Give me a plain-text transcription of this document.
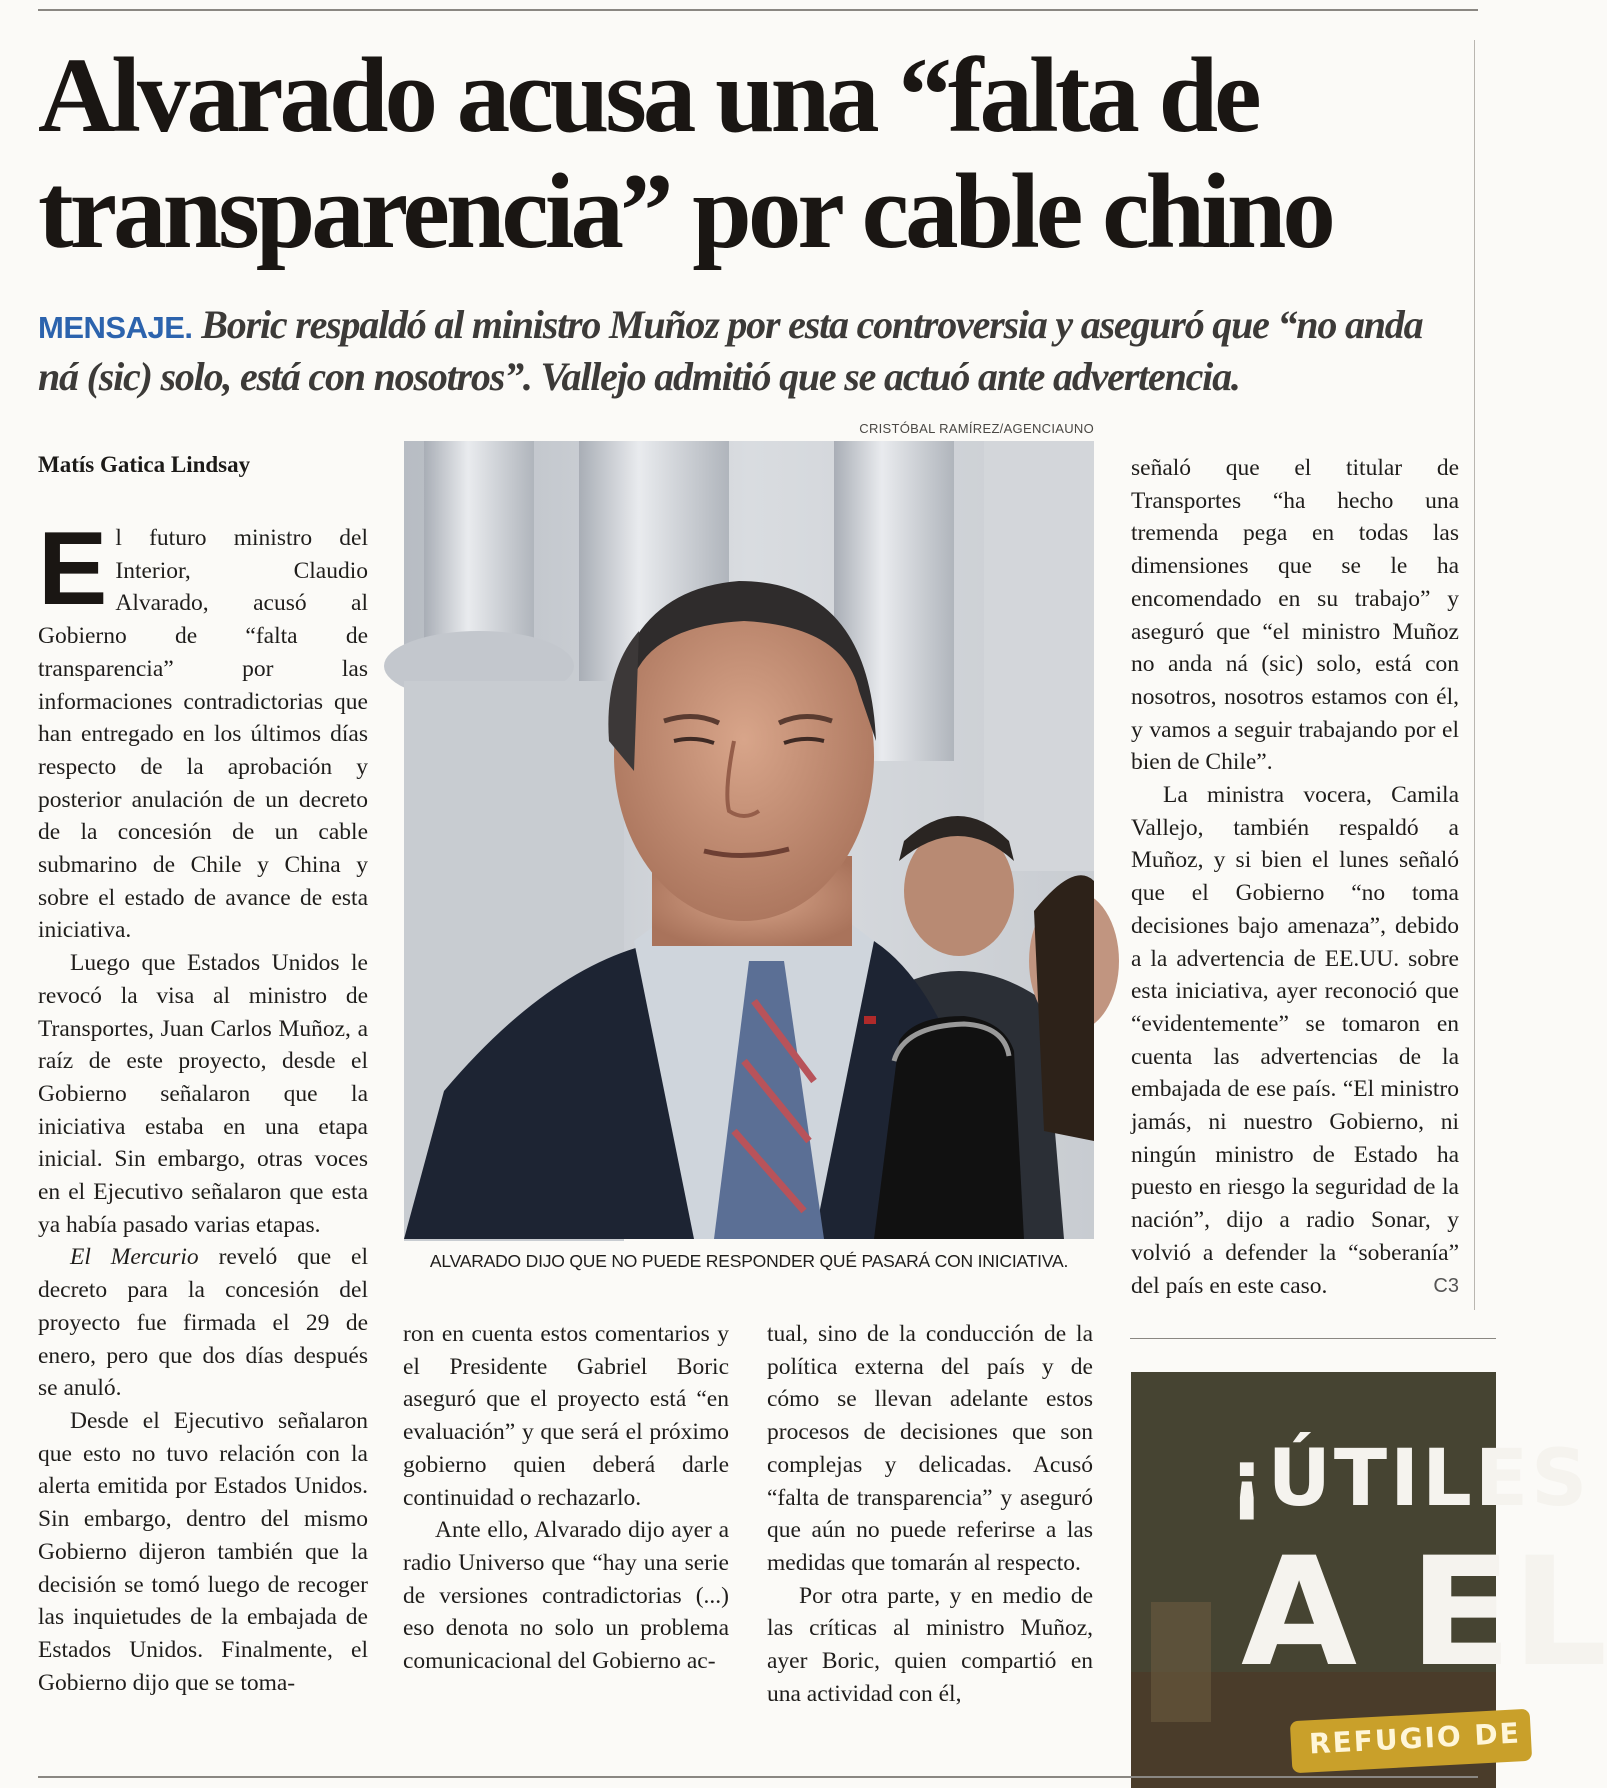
Alvarado acusa una “falta de transparencia” por cable chino

MENSAJE. Boric respaldó al ministro Muñoz por esta controversia y aseguró que “no anda ná (sic) solo, está con nosotros”. Vallejo admitió que se actuó ante advertencia.

Matís Gatica Lindsay

El futuro ministro del Interior, Claudio Alvarado, acusó al Gobierno de “falta de transparencia” por las informaciones contradictorias que han entregado en los últimos días respecto de la aprobación y posterior anulación de un decreto de la concesión de un cable submarino de Chile y China y sobre el estado de avance de esta iniciativa.

Luego que Estados Unidos le revocó la visa al ministro de Transportes, Juan Carlos Muñoz, a raíz de este proyecto, desde el Gobierno señalaron que la iniciativa estaba en una etapa inicial. Sin embargo, otras voces en el Ejecutivo señalaron que esta ya había pasado varias etapas.

El Mercurio reveló que el decreto para la concesión del proyecto fue firmada el 29 de enero, pero que dos días después se anuló.

Desde el Ejecutivo señalaron que esto no tuvo relación con la alerta emitida por Estados Unidos. Sin embargo, dentro del mismo Gobierno dijeron también que la decisión se tomó luego de recoger las inquietudes de la embajada de Estados Unidos. Finalmente, el Gobierno dijo que se toma-

CRISTÓBAL RAMÍREZ/AGENCIAUNO

ALVARADO DIJO QUE NO PUEDE RESPONDER QUÉ PASARÁ CON INICIATIVA.

ron en cuenta estos comentarios y el Presidente Gabriel Boric aseguró que el proyecto está “en evaluación” y que será el próximo gobierno quien deberá darle continuidad o rechazarlo.

Ante ello, Alvarado dijo ayer a radio Universo que “hay una serie de versiones contradictorias (...) eso denota no solo un problema comunicacional del Gobierno ac-

tual, sino de la conducción de la política externa del país y de cómo se llevan adelante estos procesos de decisiones que son complejas y delicadas. Acusó “falta de transparencia” y aseguró que aún no puede referirse a las medidas que tomarán al respecto.

Por otra parte, y en medio de las críticas al ministro Muñoz, ayer Boric, quien compartió en una actividad con él,

señaló que el titular de Transportes “ha hecho una tremenda pega en todas las dimensiones que se le ha encomendado en su trabajo” y aseguró que “el ministro Muñoz no anda ná (sic) solo, está con nosotros, nosotros estamos con él, y vamos a seguir trabajando por el bien de Chile”.

La ministra vocera, Camila Vallejo, también respaldó a Muñoz, y si bien el lunes señaló que el Gobierno “no toma decisiones bajo amenaza”, debido a la advertencia de EE.UU. sobre esta iniciativa, ayer reconoció que “evidentemente” se tomaron en cuenta las advertencias de la embajada de ese país. “El ministro jamás, ni nuestro Gobierno, ni ningún ministro de Estado ha puesto en riesgo la seguridad de la nación”, dijo a radio Sonar, y volvió a defender la “soberanía” del país en este caso.	C3

¡ÚTILES
A EL
REFUGIO DE
